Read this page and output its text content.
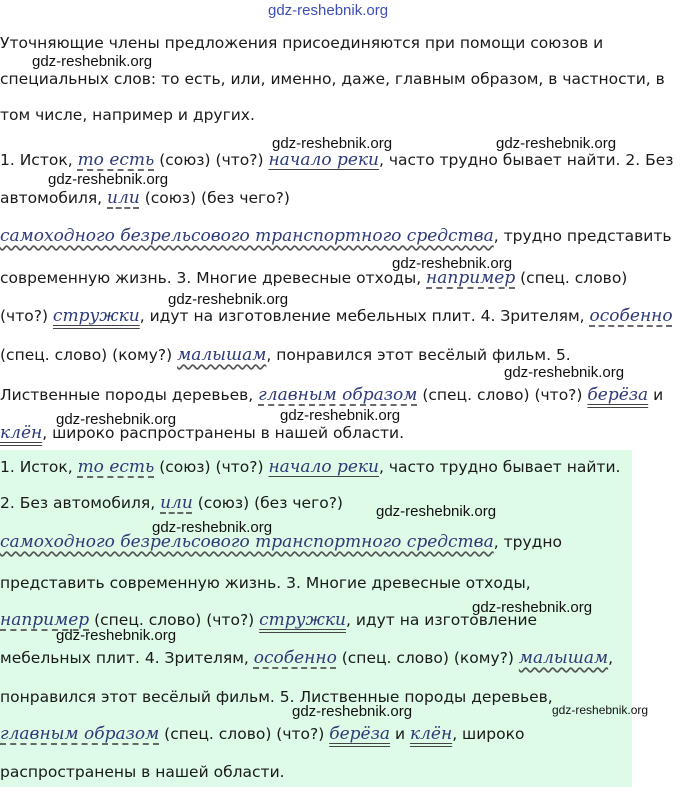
Уточняющие члены предложения присоединяются при помощи союзов и
специальных слов: то есть, или, именно, даже, главным образом, в частности, в
том числе, например и других.
1. Исток, то есть (союз) (что?) начало реки, часто трудно бывает найти. 2. Без
автомобиля, или (союз) (без чего?)
самоходного безрельсового транспортного средства, трудно представить
современную жизнь. 3. Многие древесные отходы, например (спец. слово)
(что?) стружки, идут на изготовление мебельных плит. 4. Зрителям, особенно
(спец. слово) (кому?) малышам, понравился этот весёлый фильм. 5.
Лиственные породы деревьев, главным образом (спец. слово) (что?) берёза и
клён, широко распространены в нашей области.
1. Исток, то есть (союз) (что?) начало реки, часто трудно бывает найти.
2. Без автомобиля, или (союз) (без чего?)
самоходного безрельсового транспортного средства, трудно
представить современную жизнь. 3. Многие древесные отходы,
например (спец. слово) (что?) стружки, идут на изготовление
мебельных плит. 4. Зрителям, особенно (спец. слово) (кому?) малышам,
понравился этот весёлый фильм. 5. Лиственные породы деревьев,
главным образом (спец. слово) (что?) берёза и клён, широко
распространены в нашей области.
gdz-reshebnik.org
gdz-reshebnik.org
gdz-reshebnik.org	gdz-reshebnik.org
gdz-reshebnik.org
gdz-reshebnik.org
gdz-reshebnik.org
gdz-reshebnik.org
gdz-reshebnik.org
gdz-reshebnik.org
gdz-reshebnik.org
gdz-reshebnik.org
gdz-reshebnik.org
gdz-reshebnik.org
gdz-reshebnik.org
gdz-reshebnik.org
